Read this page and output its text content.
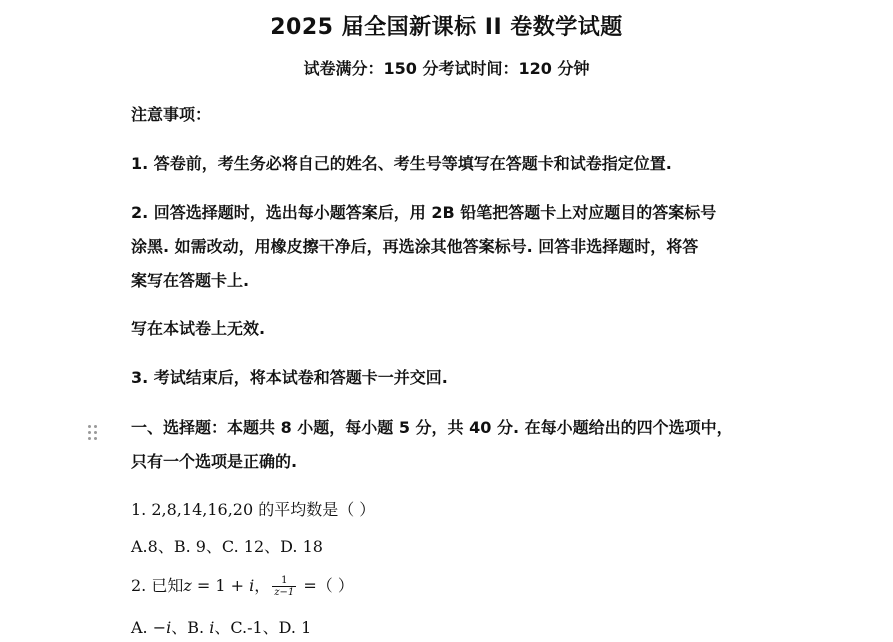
2025 届全国新课标 II 卷数学试题
试卷满分：150 分考试时间：120 分钟

注意事项：

1. 答卷前，考生务必将自己的姓名、考生号等填写在答题卡和试卷指定位置.

2. 回答选择题时，选出每小题答案后，用 2B 铅笔把答题卡上对应题目的答案标号

涂黑. 如需改动，用橡皮擦干净后，再选涂其他答案标号. 回答非选择题时，将答

案写在答题卡上.

写在本试卷上无效.

3. 考试结束后，将本试卷和答题卡一并交回.

一、选择题：本题共 8 小题，每小题 5 分，共 40 分. 在每小题给出的四个选项中，

只有一个选项是正确的.

1. 2,8,14,16,20 的平均数是（ ）

A.8、B. 9、C. 12、D. 18

2. 已知z = 1 + i， $\frac{1}{z-1}$ =（ ）

A. −i、B. i、C.-1、D. 1
